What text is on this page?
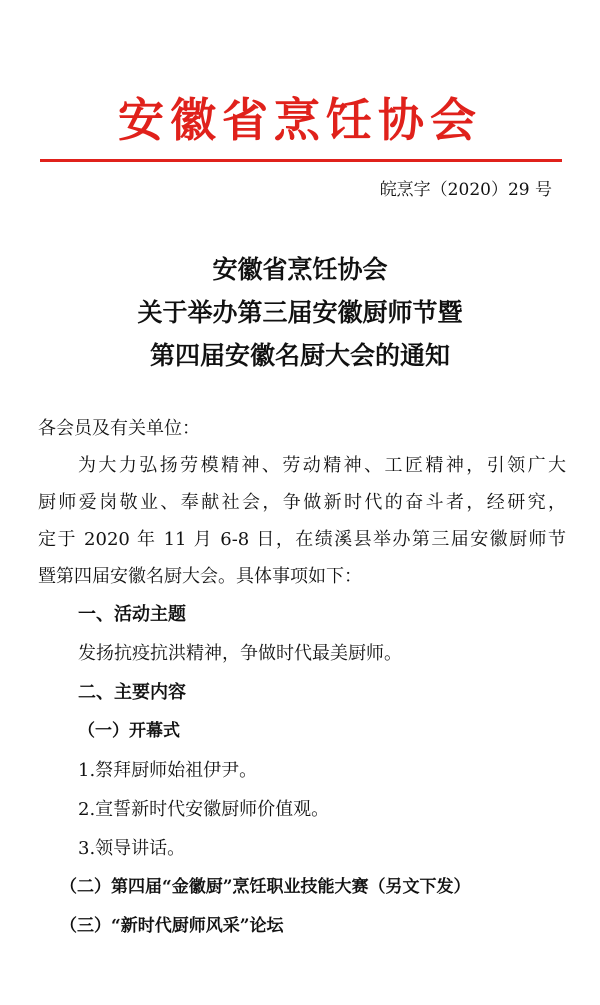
安徽省烹饪协会
皖烹字（2020）29 号
安徽省烹饪协会
关于举办第三届安徽厨师节暨
第四届安徽名厨大会的通知
各会员及有关单位：
为大力弘扬劳模精神、劳动精神、工匠精神，引领广大
厨师爱岗敬业、奉献社会，争做新时代的奋斗者，经研究，
定于 2020 年 11 月 6-8 日，在绩溪县举办第三届安徽厨师节
暨第四届安徽名厨大会。具体事项如下：
一、活动主题
发扬抗疫抗洪精神，争做时代最美厨师。
二、主要内容
（一）开幕式
1.祭拜厨师始祖伊尹。
2.宣誓新时代安徽厨师价值观。
3.领导讲话。
（二）第四届“金徽厨”烹饪职业技能大赛（另文下发）
（三）“新时代厨师风采”论坛
